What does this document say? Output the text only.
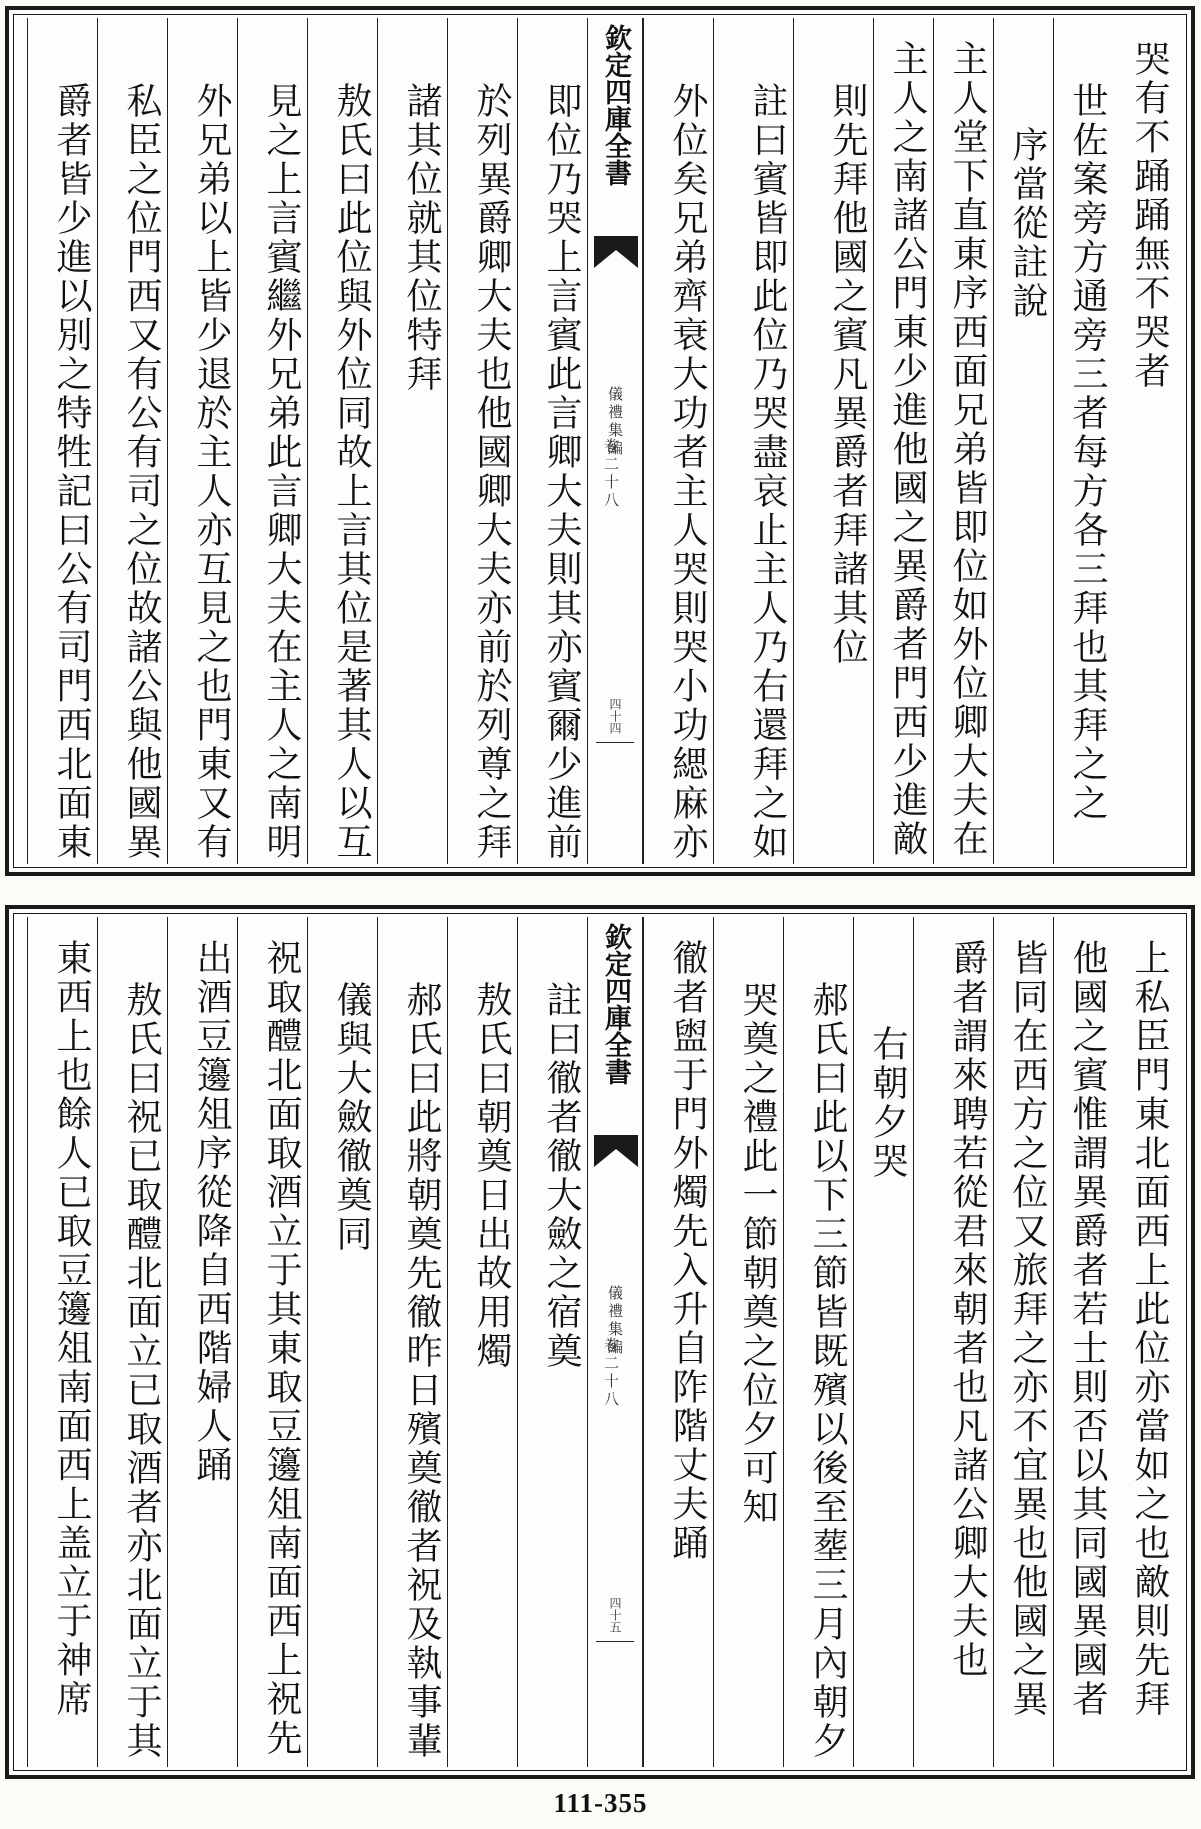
哭有不踊踊無不哭者
世佐案旁方通旁三者每方各三拜也其拜之之
序當從註說
主人堂下直東序西面兄弟皆即位如外位卿大夫在
主人之南諸公門東少進他國之異爵者門西少進敵
則先拜他國之賓凡異爵者拜諸其位
註曰賓皆即此位乃哭盡哀止主人乃右還拜之如
外位矣兄弟齊衰大功者主人哭則哭小功緦麻亦
欽定四庫全書
儀禮集編
卷二十八
四十四
即位乃哭上言賓此言卿大夫則其亦賓爾少進前
於列異爵卿大夫也他國卿大夫亦前於列尊之拜
諸其位就其位特拜
敖氏曰此位與外位同故上言其位是著其人以互
見之上言賓繼外兄弟此言卿大夫在主人之南明
外兄弟以上皆少退於主人亦互見之也門東又有
私臣之位門西又有公有司之位故諸公與他國異
爵者皆少進以別之特牲記曰公有司門西北面東
上私臣門東北面西上此位亦當如之也敵則先拜
他國之賓惟謂異爵者若士則否以其同國異國者
皆同在西方之位又旅拜之亦不宜異也他國之異
爵者謂來聘若從君來朝者也凡諸公卿大夫也
右朝夕哭
郝氏曰此以下三節皆既殯以後至塟三月內朝夕
哭奠之禮此一節朝奠之位夕可知
徹者盥于門外燭先入升自阼階丈夫踊
欽定四庫全書
儀禮集編
卷二十八
四十五
註曰徹者徹大斂之宿奠
敖氏曰朝奠日出故用燭
郝氏曰此將朝奠先徹昨日殯奠徹者祝及執事輩
儀與大斂徹奠同
祝取醴北面取酒立于其東取豆籩俎南面西上祝先
出酒豆籩俎序從降自西階婦人踊
敖氏曰祝已取醴北面立已取酒者亦北面立于其
東西上也餘人已取豆籩俎南面西上盖立于神席
111-355
